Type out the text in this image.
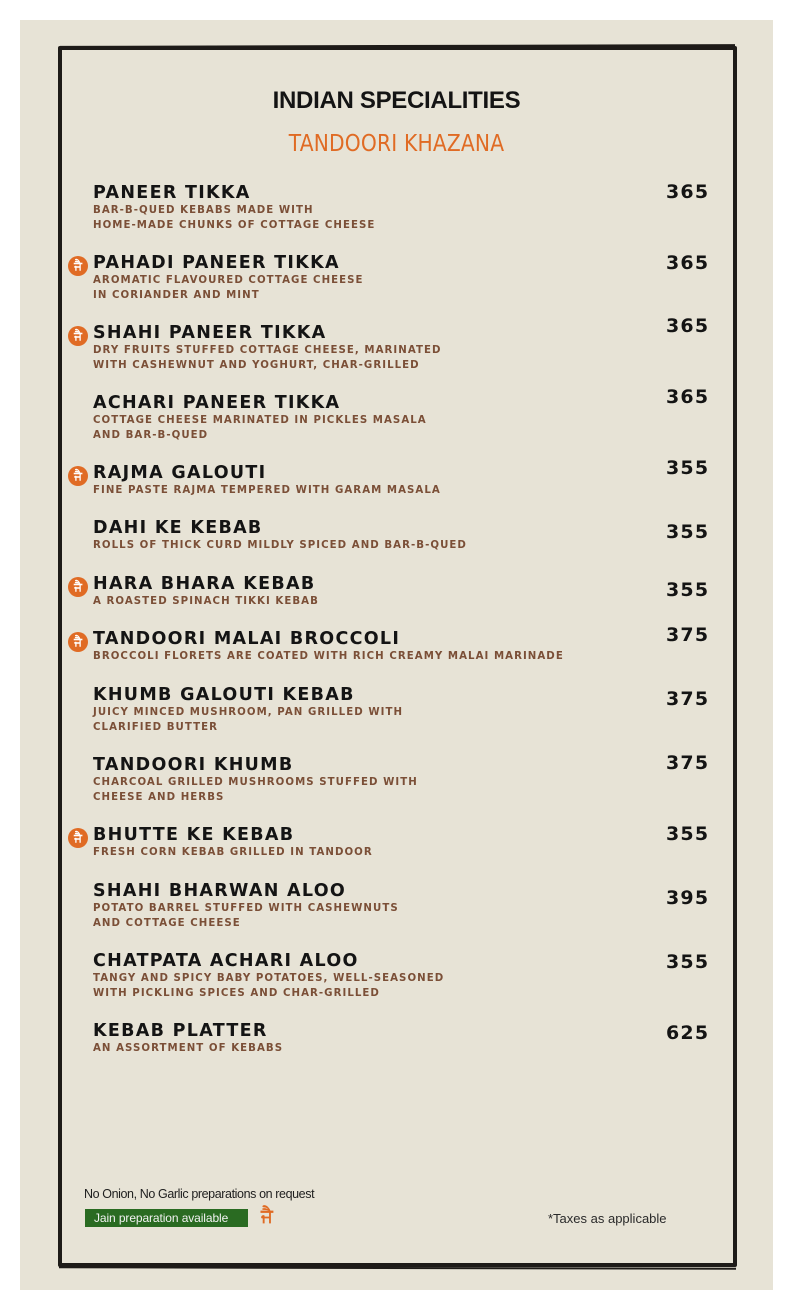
INDIAN SPECIALITIES
TANDOORI KHAZANA
PANEER TIKKA
BAR-B-QUED KEBABS MADE WITH
HOME-MADE CHUNKS OF COTTAGE CHEESE
365
PAHADI PANEER TIKKA
AROMATIC FLAVOURED COTTAGE CHEESE
IN CORIANDER AND MINT
365
ਜੈ
SHAHI PANEER TIKKA
DRY FRUITS STUFFED COTTAGE CHEESE, MARINATED
WITH CASHEWNUT AND YOGHURT, CHAR-GRILLED
365
ਜੈ
ACHARI PANEER TIKKA
COTTAGE CHEESE MARINATED IN PICKLES MASALA
AND BAR-B-QUED
365
RAJMA GALOUTI
FINE PASTE RAJMA TEMPERED WITH GARAM MASALA
355
ਜੈ
DAHI KE KEBAB
ROLLS OF THICK CURD MILDLY SPICED AND BAR-B-QUED
355
HARA BHARA KEBAB
A ROASTED SPINACH TIKKI KEBAB
355
ਜੈ
TANDOORI MALAI BROCCOLI
BROCCOLI FLORETS ARE COATED WITH RICH CREAMY MALAI MARINADE
375
ਜੈ
KHUMB GALOUTI KEBAB
JUICY MINCED MUSHROOM, PAN GRILLED WITH
CLARIFIED BUTTER
375
TANDOORI KHUMB
CHARCOAL GRILLED MUSHROOMS STUFFED WITH
CHEESE AND HERBS
375
BHUTTE KE KEBAB
FRESH CORN KEBAB GRILLED IN TANDOOR
355
ਜੈ
SHAHI BHARWAN ALOO
POTATO BARREL STUFFED WITH CASHEWNUTS
AND COTTAGE CHEESE
395
CHATPATA ACHARI ALOO
TANGY AND SPICY BABY POTATOES, WELL-SEASONED
WITH PICKLING SPICES AND CHAR-GRILLED
355
KEBAB PLATTER
AN ASSORTMENT OF KEBABS
625
No Onion, No Garlic preparations on request
Jain preparation available	ਜੈ	*Taxes as applicable
